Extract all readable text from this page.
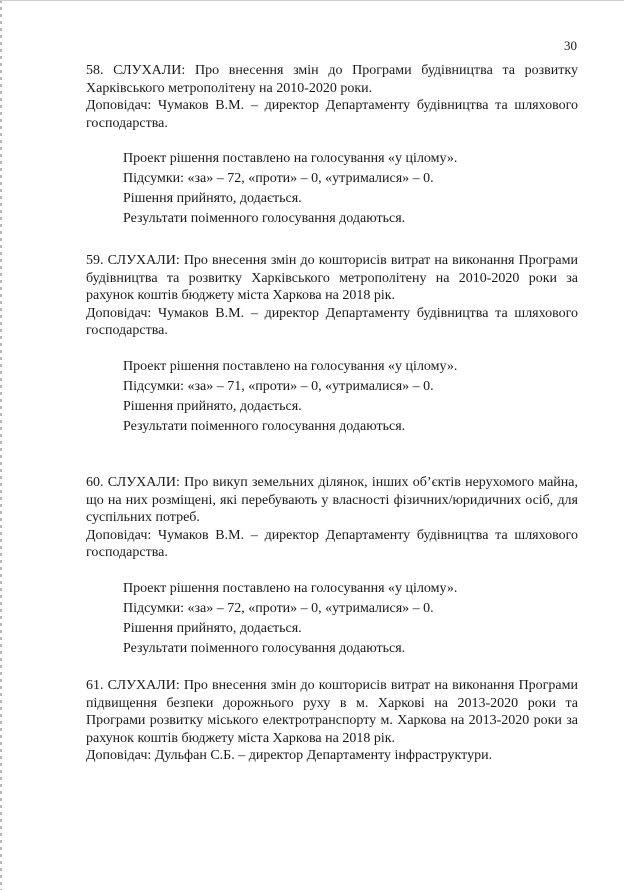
30

58. СЛУХАЛИ: Про внесення змін до Програми будівництва та розвитку Харківського метрополітену на 2010-2020 роки.

Доповідач: Чумаков В.М. – директор Департаменту будівництва та шляхового господарства.

Проект рішення поставлено на голосування «у цілому».
Підсумки: «за» – 72, «проти» – 0, «утрималися» – 0.
Рішення прийнято, додається.
Результати поіменного голосування додаються.

59. СЛУХАЛИ: Про внесення змін до кошторисів витрат на виконання Програми будівництва та розвитку Харківського метрополітену на 2010-2020 роки за рахунок коштів бюджету міста Харкова на 2018 рік.

Доповідач: Чумаков В.М. – директор Департаменту будівництва та шляхового господарства.

Проект рішення поставлено на голосування «у цілому».
Підсумки: «за» – 71, «проти» – 0, «утрималися» – 0.
Рішення прийнято, додається.
Результати поіменного голосування додаються.

60. СЛУХАЛИ: Про викуп земельних ділянок, інших об’єктів нерухомого майна, що на них розміщені, які перебувають у власності фізичних/юридичних осіб, для суспільних потреб.

Доповідач: Чумаков В.М. – директор Департаменту будівництва та шляхового господарства.

Проект рішення поставлено на голосування «у цілому».
Підсумки: «за» – 72, «проти» – 0, «утрималися» – 0.
Рішення прийнято, додається.
Результати поіменного голосування додаються.

61. СЛУХАЛИ: Про внесення змін до кошторисів витрат на виконання Програми підвищення безпеки дорожнього руху в м. Харкові на 2013-2020 роки та Програми розвитку міського електротранспорту м. Харкова на 2013-2020 роки за рахунок коштів бюджету міста Харкова на 2018 рік.

Доповідач: Дульфан С.Б. – директор Департаменту інфраструктури.
